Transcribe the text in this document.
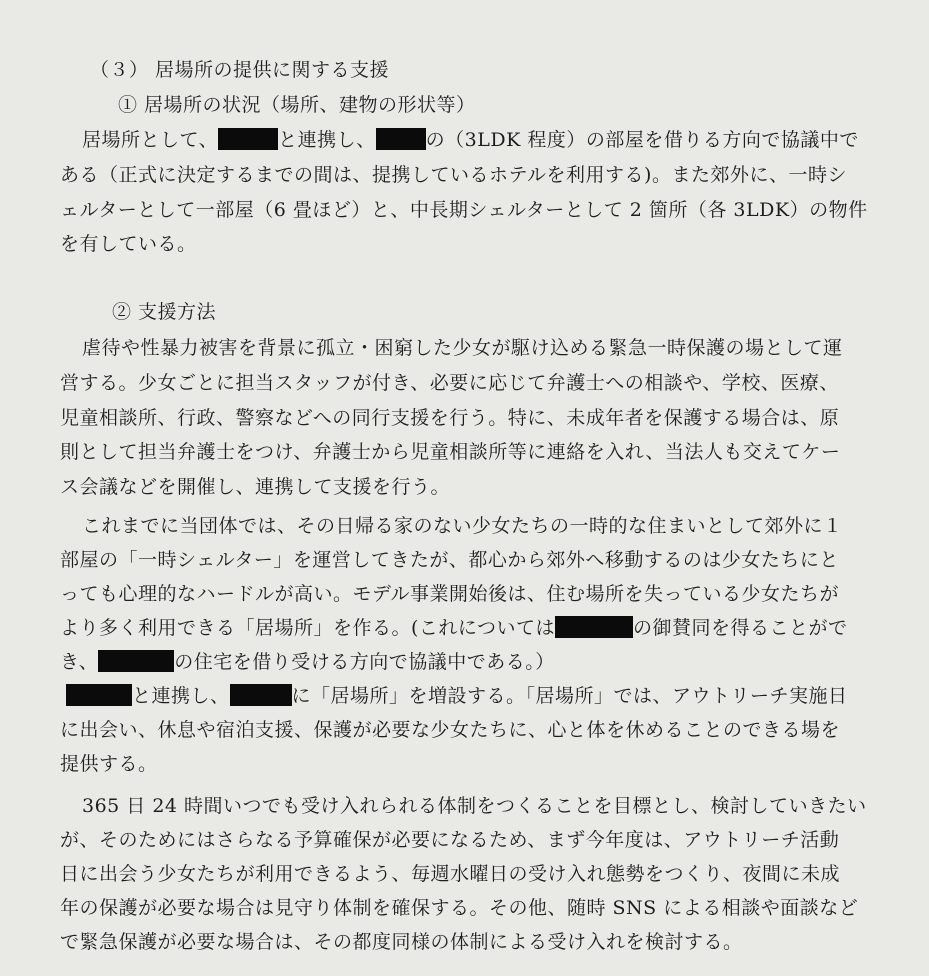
（３） 居場所の提供に関する支援
① 居場所の状況（場所、建物の形状等）
居場所として、	と連携し、	の（3LDK 程度）の部屋を借りる方向で協議中で
ある（正式に決定するまでの間は、提携しているホテルを利用する)。また郊外に、一時シ
ェルターとして一部屋（6 畳ほど）と、中長期シェルターとして 2 箇所（各 3LDK）の物件
を有している。
② 支援方法
虐待や性暴力被害を背景に孤立・困窮した少女が駆け込める緊急一時保護の場として運
営する。少女ごとに担当スタッフが付き、必要に応じて弁護士への相談や、学校、医療、
児童相談所、行政、警察などへの同行支援を行う。特に、未成年者を保護する場合は、原
則として担当弁護士をつけ、弁護士から児童相談所等に連絡を入れ、当法人も交えてケー
ス会議などを開催し、連携して支援を行う。
これまでに当団体では、その日帰る家のない少女たちの一時的な住まいとして郊外に１
部屋の「一時シェルター」を運営してきたが、都心から郊外へ移動するのは少女たちにと
っても心理的なハードルが高い。モデル事業開始後は、住む場所を失っている少女たちが
より多く利用できる「居場所」を作る。(これについては	の御賛同を得ることがで
き、	の住宅を借り受ける方向で協議中である。）
と連携し、	に「居場所」を増設する。「居場所」では、アウトリーチ実施日
に出会い、休息や宿泊支援、保護が必要な少女たちに、心と体を休めることのできる場を
提供する。
365 日 24 時間いつでも受け入れられる体制をつくることを目標とし、検討していきたい
が、そのためにはさらなる予算確保が必要になるため、まず今年度は、アウトリーチ活動
日に出会う少女たちが利用できるよう、毎週水曜日の受け入れ態勢をつくり、夜間に未成
年の保護が必要な場合は見守り体制を確保する。その他、随時 SNS による相談や面談など
で緊急保護が必要な場合は、その都度同様の体制による受け入れを検討する。
